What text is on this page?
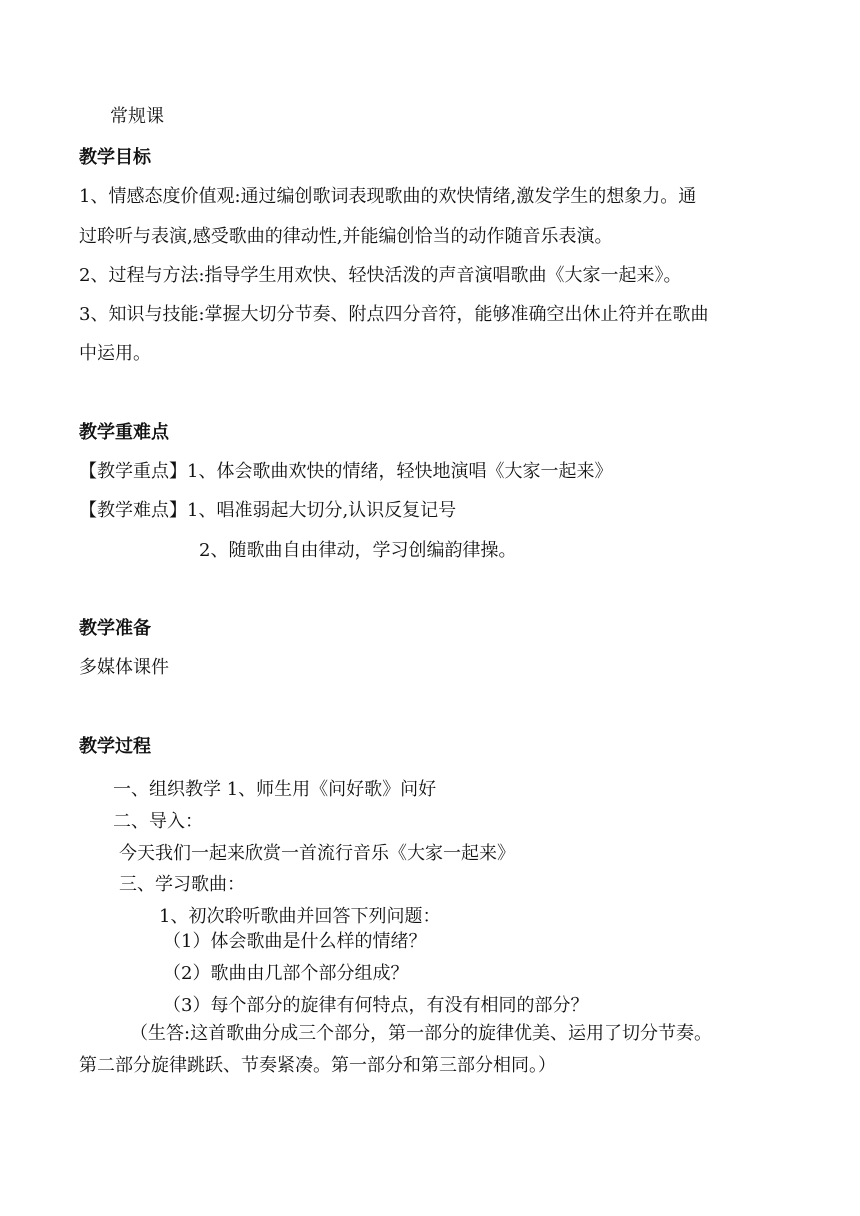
常规课

教学目标

1、情感态度价值观:通过编创歌词表现歌曲的欢快情绪,激发学生的想象力。通

过聆听与表演,感受歌曲的律动性,并能编创恰当的动作随音乐表演。

2、过程与方法:指导学生用欢快、轻快活泼的声音演唱歌曲《大家一起来》。

3、知识与技能:掌握大切分节奏、附点四分音符，能够准确空出休止符并在歌曲

中运用。

教学重难点

【教学重点】1、体会歌曲欢快的情绪，轻快地演唱《大家一起来》

【教学难点】1、唱准弱起大切分,认识反复记号

2、随歌曲自由律动，学习创编韵律操。

教学准备

多媒体课件

教学过程

一、组织教学 1、师生用《问好歌》问好

二、导入：

今天我们一起来欣赏一首流行音乐《大家一起来》

三、学习歌曲：

1、初次聆听歌曲并回答下列问题：

（1）体会歌曲是什么样的情绪？

（2）歌曲由几部个部分组成？

（3）每个部分的旋律有何特点，有没有相同的部分？

（生答:这首歌曲分成三个部分，第一部分的旋律优美、运用了切分节奏。

第二部分旋律跳跃、节奏紧凑。第一部分和第三部分相同。）
